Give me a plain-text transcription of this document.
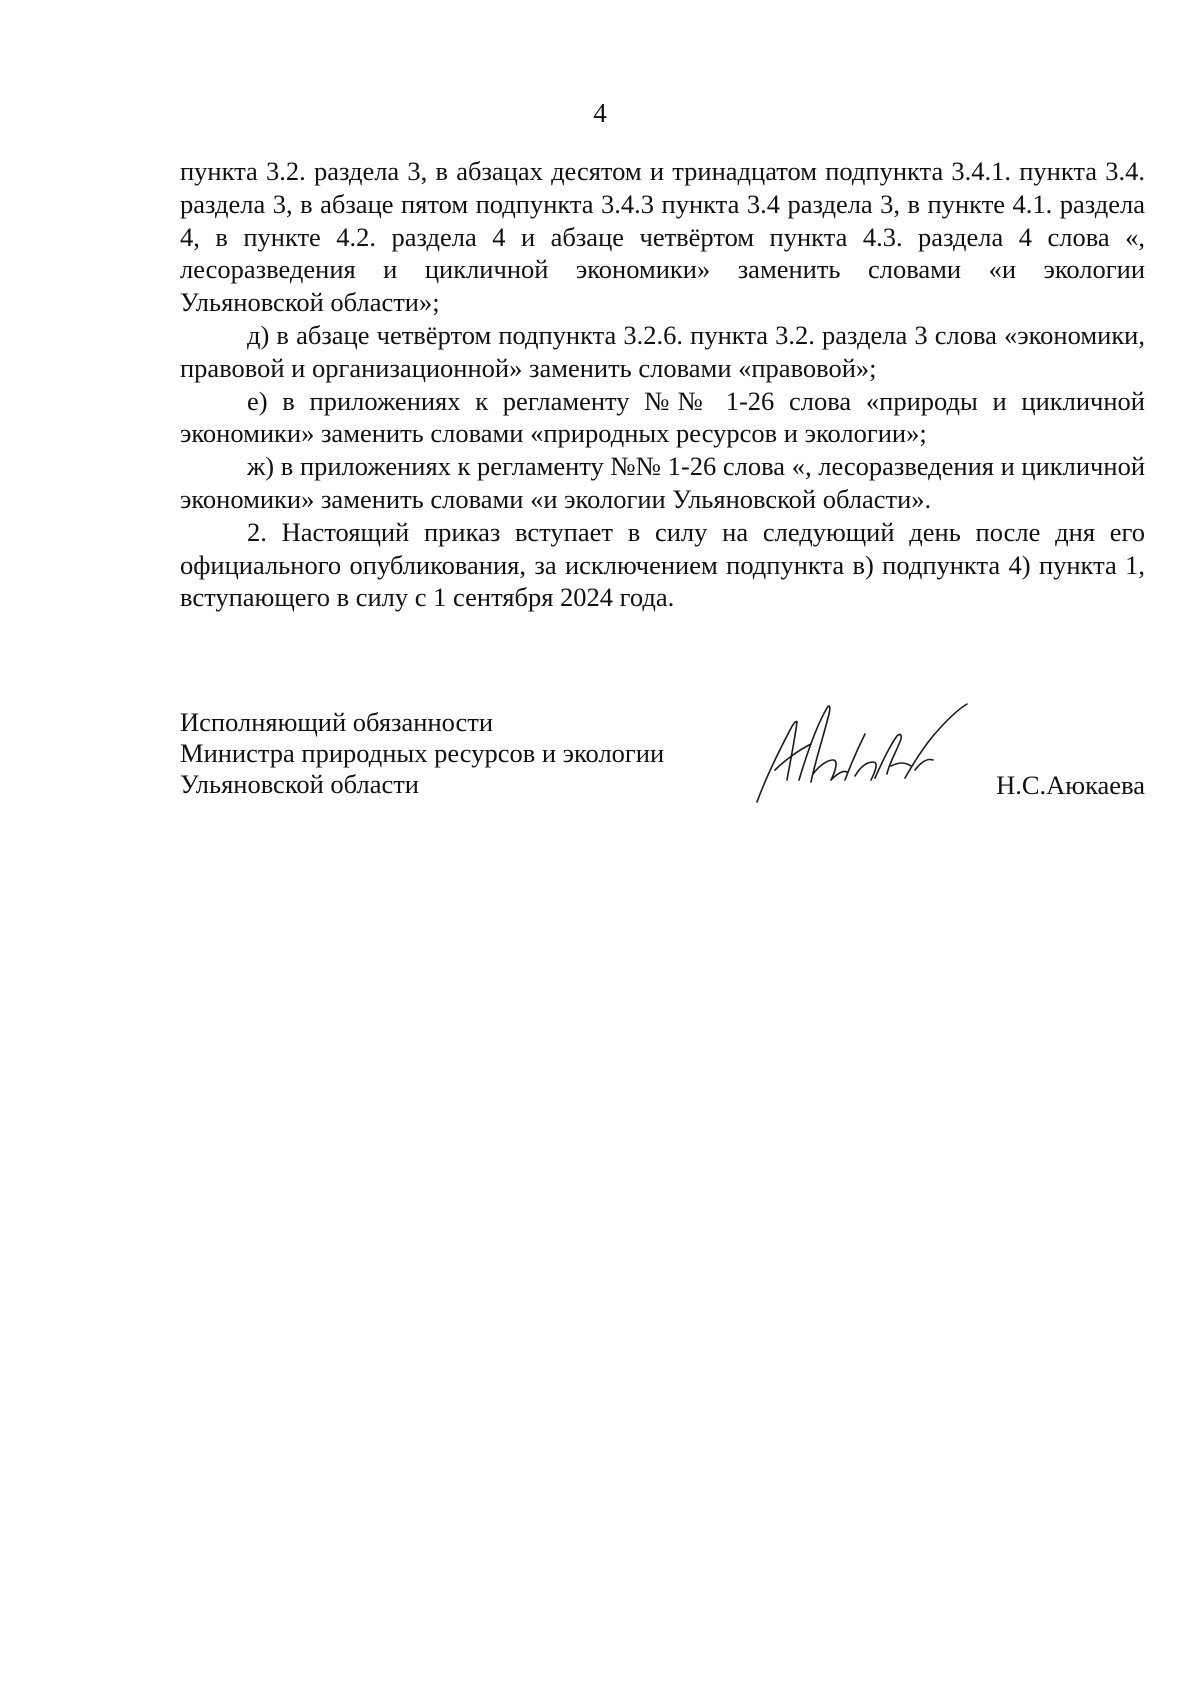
4

пункта 3.2. раздела 3, в абзацах десятом и тринадцатом подпункта 3.4.1. пункта 3.4. раздела 3, в абзаце пятом подпункта 3.4.3 пункта 3.4 раздела 3, в пункте 4.1. раздела 4, в пункте 4.2. раздела 4 и абзаце четвёртом пункта 4.3. раздела 4 слова «, лесоразведения и цикличной экономики» заменить словами «и экологии Ульяновской области»;

д) в абзаце четвёртом подпункта 3.2.6. пункта 3.2. раздела 3 слова «экономики, правовой и организационной» заменить словами «правовой»;

е) в приложениях к регламенту №№ 1-26 слова «природы и цикличной экономики» заменить словами «природных ресурсов и экологии»;

ж) в приложениях к регламенту №№ 1-26 слова «, лесоразведения и цикличной экономики» заменить словами «и экологии Ульяновской области».

2. Настоящий приказ вступает в силу на следующий день после дня его официального опубликования, за исключением подпункта в) подпункта 4) пункта 1, вступающего в силу с 1 сентября 2024 года.

Исполняющий обязанности
Министра природных ресурсов и экологии
Ульяновской области	Н.С.Аюкаева
